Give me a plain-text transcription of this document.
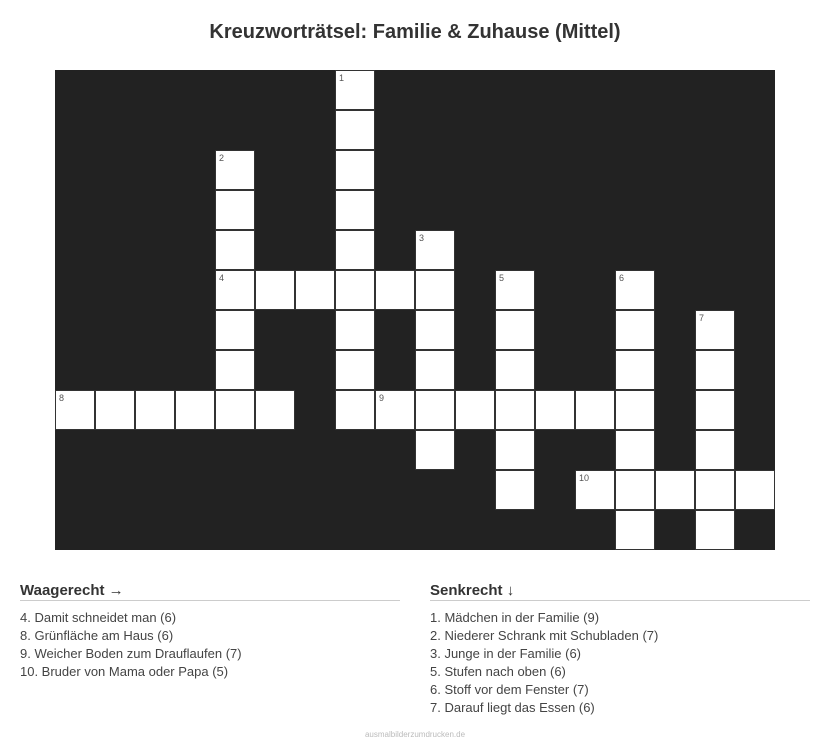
Kreuzworträtsel: Familie & Zuhause (Mittel)
4
8	9
10
1
2
3
5	6
7
Waagerecht →
4. Damit schneidet man (6)
8. Grünfläche am Haus (6)
9. Weicher Boden zum Drauflaufen (7)
10. Bruder von Mama oder Papa (5)
Senkrecht ↓
1. Mädchen in der Familie (9)
2. Niederer Schrank mit Schubladen (7)
3. Junge in der Familie (6)
5. Stufen nach oben (6)
6. Stoff vor dem Fenster (7)
7. Darauf liegt das Essen (6)
ausmalbilderzumdrucken.de
